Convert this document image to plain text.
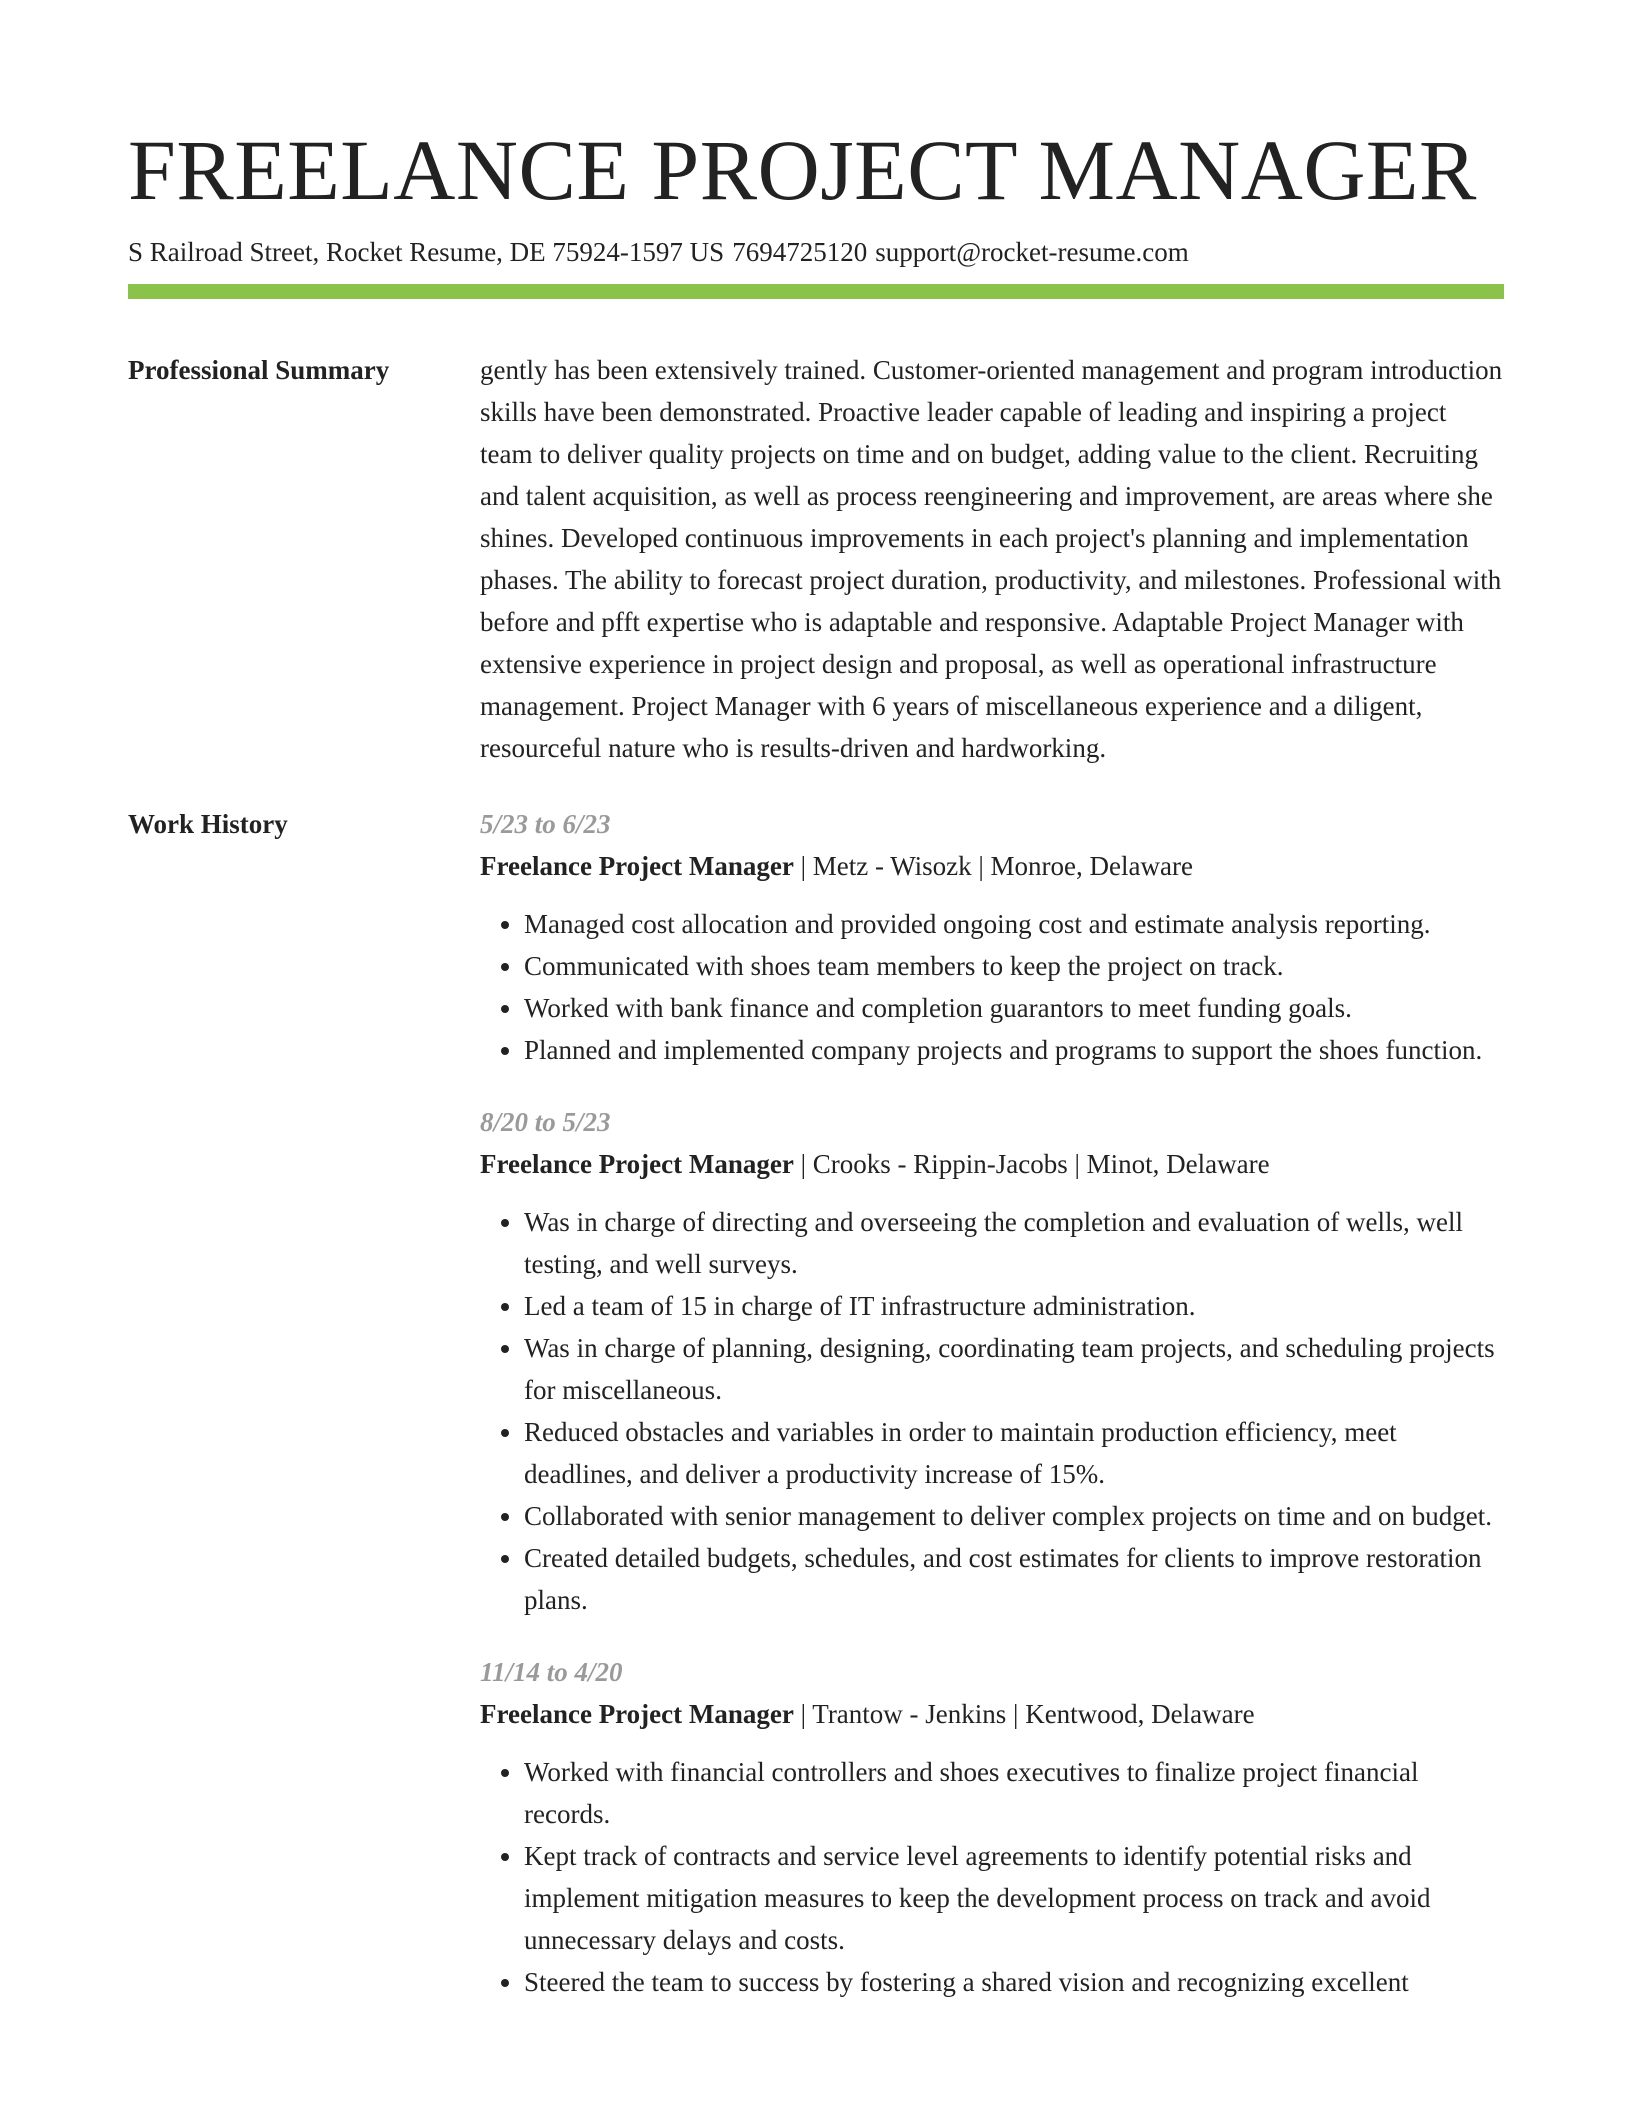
FREELANCE PROJECT MANAGER
S Railroad Street, Rocket Resume, DE 75924-1597 US 7694725120 support@rocket-resume.com
Professional Summary	gently has been extensively trained. Customer-oriented management and program introduction skills have been demonstrated. Proactive leader capable of leading and inspiring a project team to deliver quality projects on time and on budget, adding value to the client. Recruiting and talent acquisition, as well as process reengineering and improvement, are areas where she shines. Developed continuous improvements in each project's planning and implementation phases. The ability to forecast project duration, productivity, and milestones. Professional with before and pfft expertise who is adaptable and responsive. Adaptable Project Manager with extensive experience in project design and proposal, as well as operational infrastructure management. Project Manager with 6 years of miscellaneous experience and a diligent, resourceful nature who is results-driven and hardworking.

Work History	5/23 to 6/23
Freelance Project Manager | Metz - Wisozk | Monroe, Delaware
• Managed cost allocation and provided ongoing cost and estimate analysis reporting.
• Communicated with shoes team members to keep the project on track.
• Worked with bank finance and completion guarantors to meet funding goals.
• Planned and implemented company projects and programs to support the shoes function.
8/20 to 5/23
Freelance Project Manager | Crooks - Rippin-Jacobs | Minot, Delaware
• Was in charge of directing and overseeing the completion and evaluation of wells, well testing, and well surveys.
• Led a team of 15 in charge of IT infrastructure administration.
• Was in charge of planning, designing, coordinating team projects, and scheduling projects for miscellaneous.
• Reduced obstacles and variables in order to maintain production efficiency, meet deadlines, and deliver a productivity increase of 15%.
• Collaborated with senior management to deliver complex projects on time and on budget.
• Created detailed budgets, schedules, and cost estimates for clients to improve restoration plans.
11/14 to 4/20
Freelance Project Manager | Trantow - Jenkins | Kentwood, Delaware
• Worked with financial controllers and shoes executives to finalize project financial records.
• Kept track of contracts and service level agreements to identify potential risks and implement mitigation measures to keep the development process on track and avoid unnecessary delays and costs.
• Steered the team to success by fostering a shared vision and recognizing excellent
